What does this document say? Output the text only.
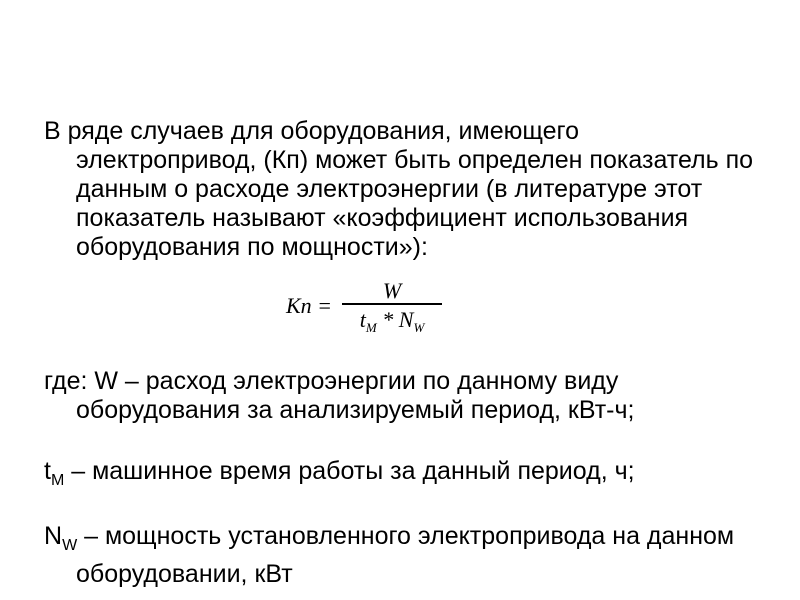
В ряде случаев для оборудования, имеющего электропривод, (Кп) может быть определен показатель по данным о расходе электроэнергии (в литературе этот показатель называют «коэффициент использования оборудования по мощности»):
$Kn = \frac{W}{t_M * N_W}$
где: W – расход электроэнергии по данному виду оборудования за анализируемый период, кВт-ч;
$t_M$ – машинное время работы за данный период, ч;
$N_W$ – мощность установленного электропривода на данном оборудовании, кВт
